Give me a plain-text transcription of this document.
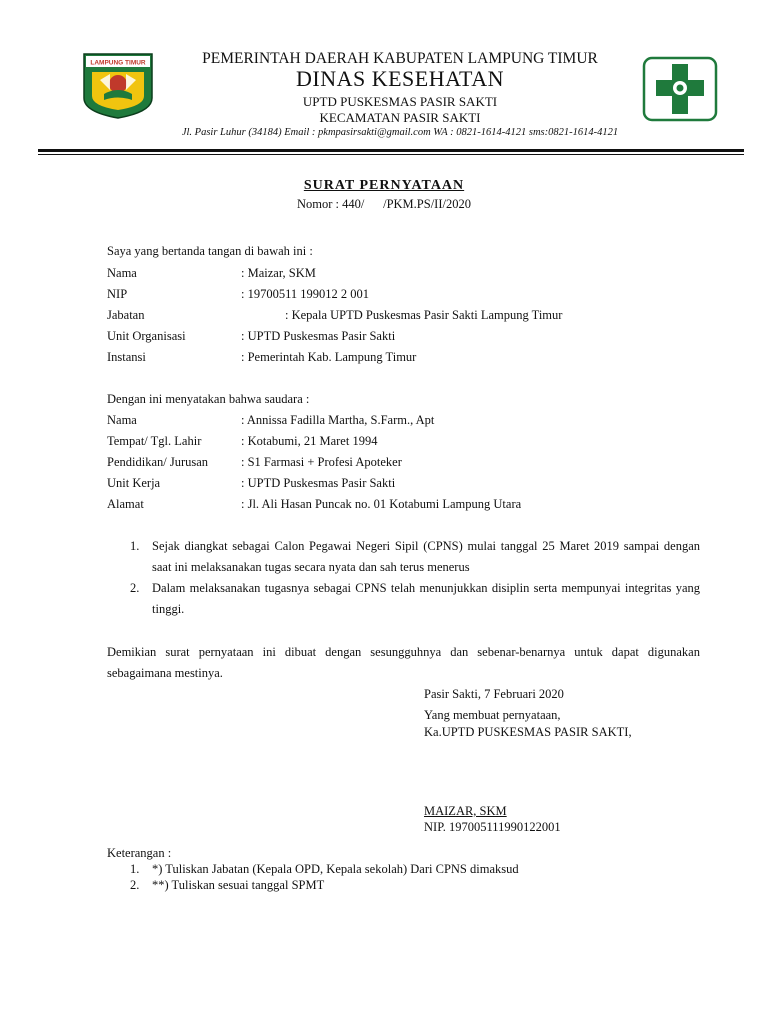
LAMPUNG TIMUR	PEMERINTAH DAERAH KABUPATEN LAMPUNG TIMUR
DINAS KESEHATAN
UPTD PUSKESMAS PASIR SAKTI
KECAMATAN PASIR SAKTI
Jl. Pasir Luhur (34184) Email : pkmpasirsakti@gmail.com WA : 0821-1614-4121 sms:0821-1614-4121
SURAT PERNYATAAN
Nomor : 440/      /PKM.PS/II/2020
Saya yang bertanda tangan di bawah ini :
Nama	: Maizar, SKM
NIP	: 19700511 199012 2 001
Jabatan	: Kepala UPTD Puskesmas Pasir Sakti Lampung Timur
Unit Organisasi	: UPTD Puskesmas Pasir Sakti
Instansi	: Pemerintah Kab. Lampung Timur
Dengan ini menyatakan bahwa saudara :
Nama	: Annissa Fadilla Martha, S.Farm., Apt
Tempat/ Tgl. Lahir	: Kotabumi, 21 Maret 1994
Pendidikan/ Jurusan	: S1 Farmasi + Profesi Apoteker
Unit Kerja	: UPTD Puskesmas Pasir Sakti
Alamat	: Jl. Ali Hasan Puncak no. 01 Kotabumi Lampung Utara
1. Sejak diangkat sebagai Calon Pegawai Negeri Sipil (CPNS) mulai tanggal 25 Maret 2019 sampai dengan saat ini melaksanakan tugas secara nyata dan sah terus menerus
2. Dalam melaksanakan tugasnya sebagai CPNS telah menunjukkan disiplin serta mempunyai integritas yang tinggi.
Demikian surat pernyataan ini dibuat dengan sesungguhnya dan sebenar-benarnya untuk dapat digunakan sebagaimana mestinya.
Pasir Sakti, 7 Februari 2020
Yang membuat pernyataan,
Ka.UPTD PUSKESMAS PASIR SAKTI,
MAIZAR, SKM
NIP. 197005111990122001
Keterangan :
1. *) Tuliskan Jabatan (Kepala OPD, Kepala sekolah) Dari CPNS dimaksud
2. **) Tuliskan sesuai tanggal SPMT
